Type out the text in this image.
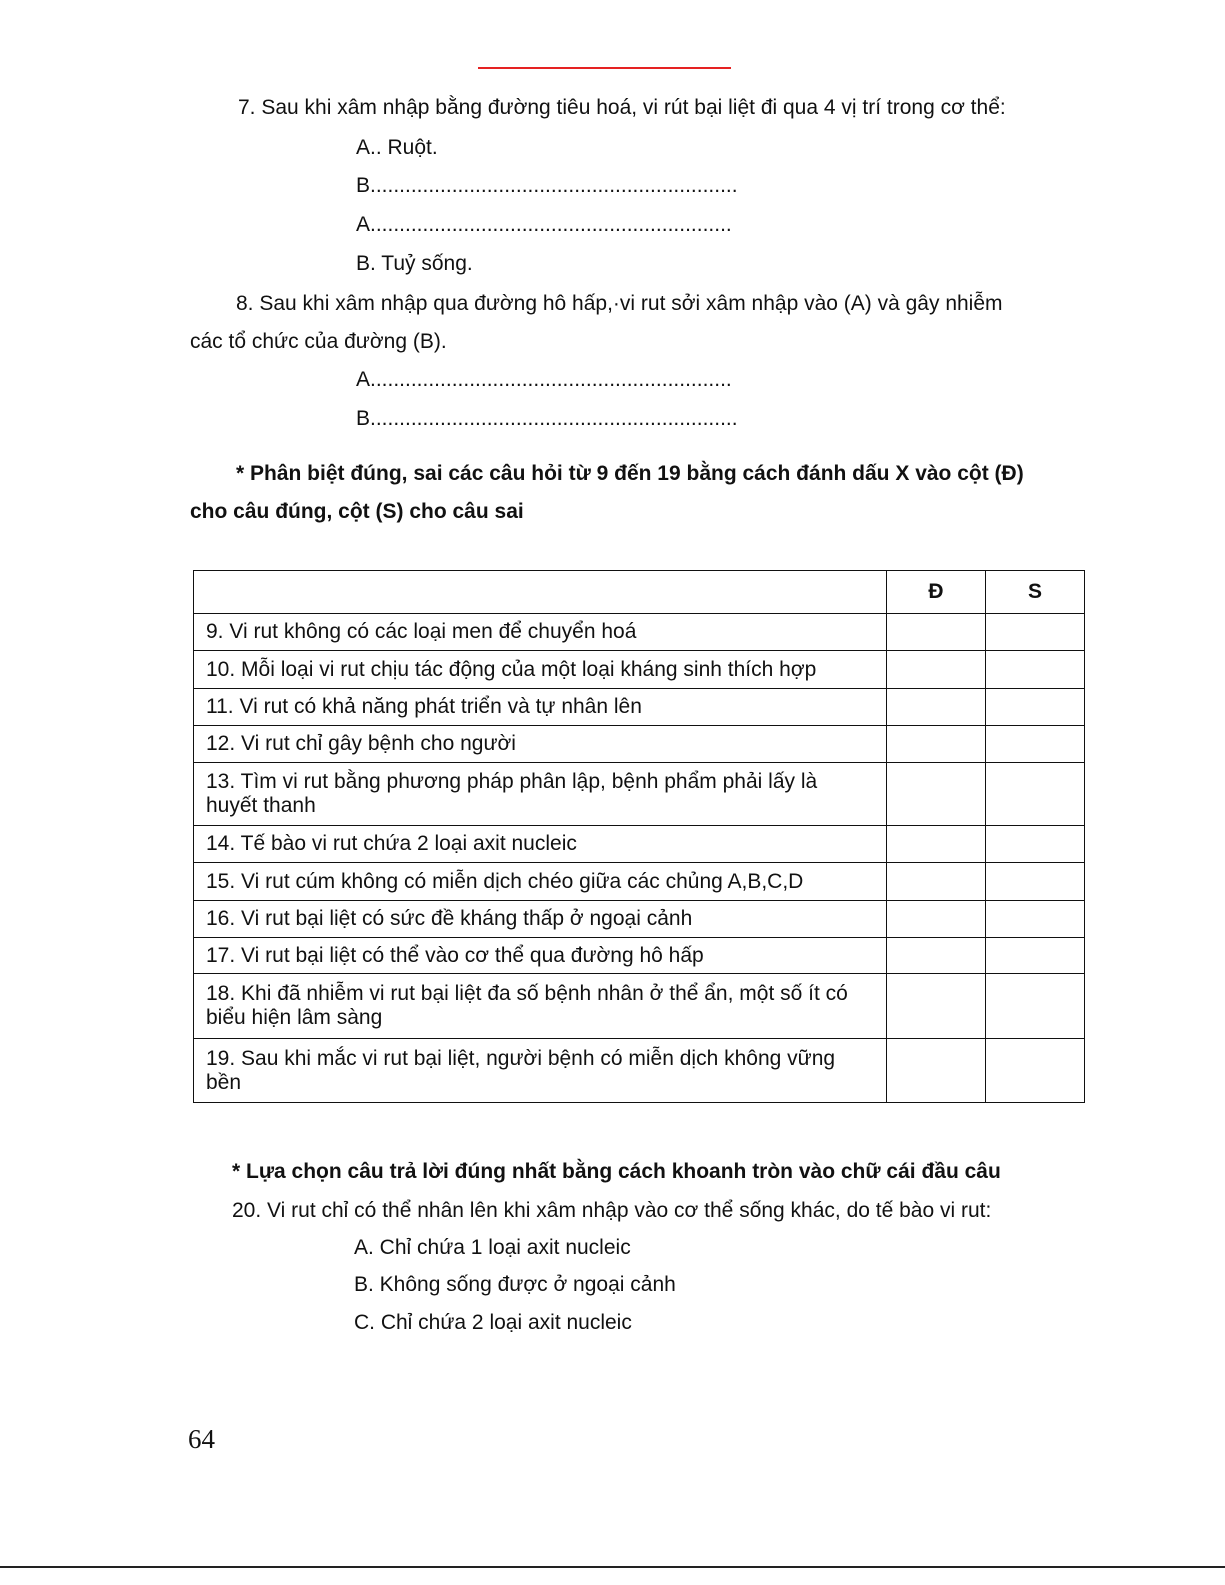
7. Sau khi xâm nhập bằng đường tiêu hoá, vi rút bại liệt đi qua 4 vị trí trong cơ thể:
A.. Ruột.
B...............................................................
A..............................................................
B. Tuỷ sống.
8. Sau khi xâm nhập qua đường hô hấp,·vi rut sởi xâm nhập vào (A) và gây nhiễm
các tổ chức của đường (B).
A..............................................................
B...............................................................
* Phân biệt đúng, sai các câu hỏi từ 9 đến 19 bằng cách đánh dấu X vào cột (Đ)
cho câu đúng, cột (S) cho câu sai
	Đ	S
9. Vi rut không có các loại men để chuyển hoá		
10. Mỗi loại vi rut chịu tác động của một loại kháng sinh thích hợp		
11. Vi rut có khả năng phát triển và tự nhân lên		
12. Vi rut chỉ gây bệnh cho người		
13. Tìm vi rut bằng phương pháp phân lập, bệnh phẩm phải lấy là huyết thanh		
14. Tế bào vi rut chứa 2 loại axit nucleic		
15. Vi rut cúm không có miễn dịch chéo giữa các chủng A,B,C,D		
16. Vi rut bại liệt có sức đề kháng thấp ở ngoại cảnh		
17. Vi rut bại liệt có thể vào cơ thể qua đường hô hấp		
18. Khi đã nhiễm vi rut bại liệt đa số bệnh nhân ở thể ẩn, một số ít có biểu hiện lâm sàng		
19. Sau khi mắc vi rut bại liệt, người bệnh có miễn dịch không vững bền		
* Lựa chọn câu trả lời đúng nhất bằng cách khoanh tròn vào chữ cái đầu câu
20. Vi rut chỉ có thể nhân lên khi xâm nhập vào cơ thể sống khác, do tế bào vi rut:
A. Chỉ chứa 1 loại axit nucleic
B. Không sống được ở ngoại cảnh
C. Chỉ chứa 2 loại axit nucleic
64
